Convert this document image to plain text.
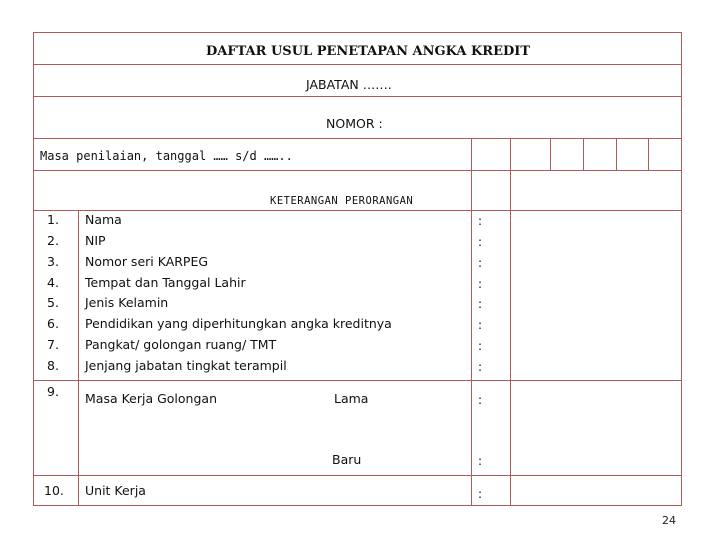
DAFTAR USUL PENETAPAN ANGKA KREDIT
JABATAN …….
NOMOR :
Masa penilaian, tanggal …… s/d ……..
KETERANGAN PERORANGAN
1. Nama	:
2. NIP	:
3. Nomor seri KARPEG	:
4. Tempat dan Tanggal Lahir	:
5. Jenis Kelamin	:
6. Pendidikan yang diperhitungkan angka kreditnya	:
7. Pangkat/ golongan ruang/ TMT	:
8. Jenjang jabatan tingkat terampil	:
9. Masa Kerja Golongan	Lama	:
Baru	:
10. Unit Kerja	:
24
